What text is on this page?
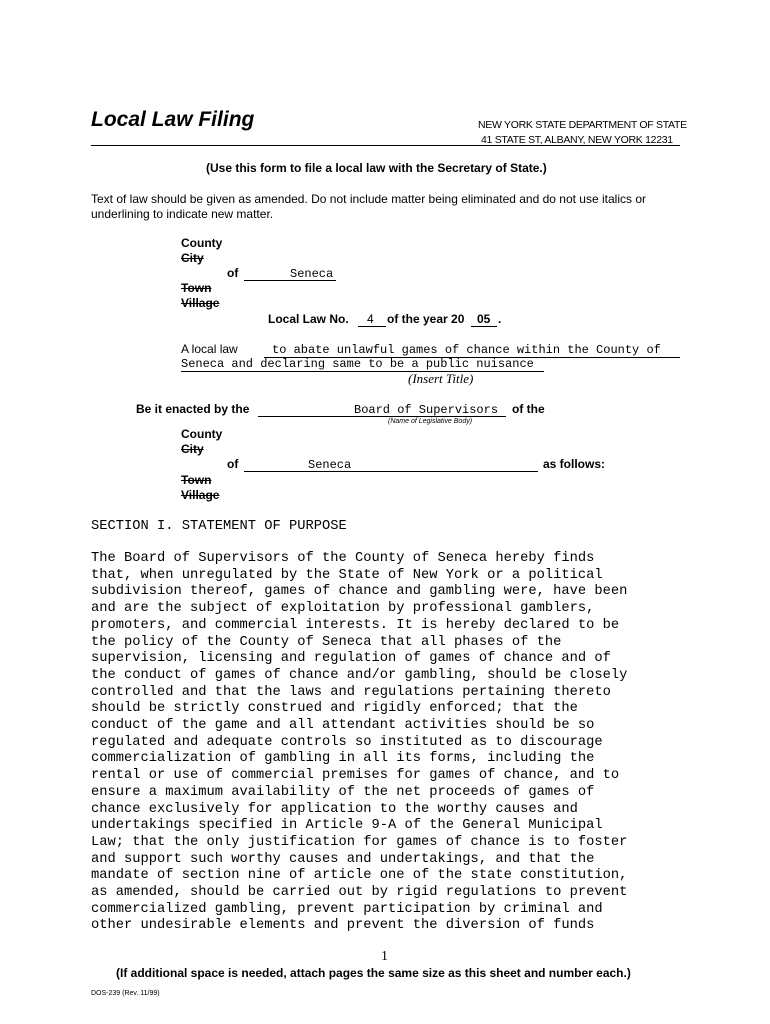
Local Law Filing	NEW YORK STATE DEPARTMENT OF STATE
41 STATE ST, ALBANY, NEW YORK 12231
(Use this form to file a local law with the Secretary of State.)
Text of law should be given as amended. Do not include matter being eliminated and do not use italics or
underlining to indicate new matter.
County
City
of	Seneca
Town
Village
Local Law No. 4 of the year 20 05 .
A local law	to abate unlawful games of chance within the County of
Seneca and declaring same to be a public nuisance
(Insert Title)
Be it enacted by the	Board of Supervisors of the
(Name of Legislative Body)
County
City
of	Seneca	as follows:
Town
Village
SECTION I. STATEMENT OF PURPOSE
The Board of Supervisors of the County of Seneca hereby finds
that, when unregulated by the State of New York or a political
subdivision thereof, games of chance and gambling were, have been
and are the subject of exploitation by professional gamblers,
promoters, and commercial interests. It is hereby declared to be
the policy of the County of Seneca that all phases of the
supervision, licensing and regulation of games of chance and of
the conduct of games of chance and/or gambling, should be closely
controlled and that the laws and regulations pertaining thereto
should be strictly construed and rigidly enforced; that the
conduct of the game and all attendant activities should be so
regulated and adequate controls so instituted as to discourage
commercialization of gambling in all its forms, including the
rental or use of commercial premises for games of chance, and to
ensure a maximum availability of the net proceeds of games of
chance exclusively for application to the worthy causes and
undertakings specified in Article 9-A of the General Municipal
Law; that the only justification for games of chance is to foster
and support such worthy causes and undertakings, and that the
mandate of section nine of article one of the state constitution,
as amended, should be carried out by rigid regulations to prevent
commercialized gambling, prevent participation by criminal and
other undesirable elements and prevent the diversion of funds
1
(If additional space is needed, attach pages the same size as this sheet and number each.)
DOS-239 (Rev. 11/99)
